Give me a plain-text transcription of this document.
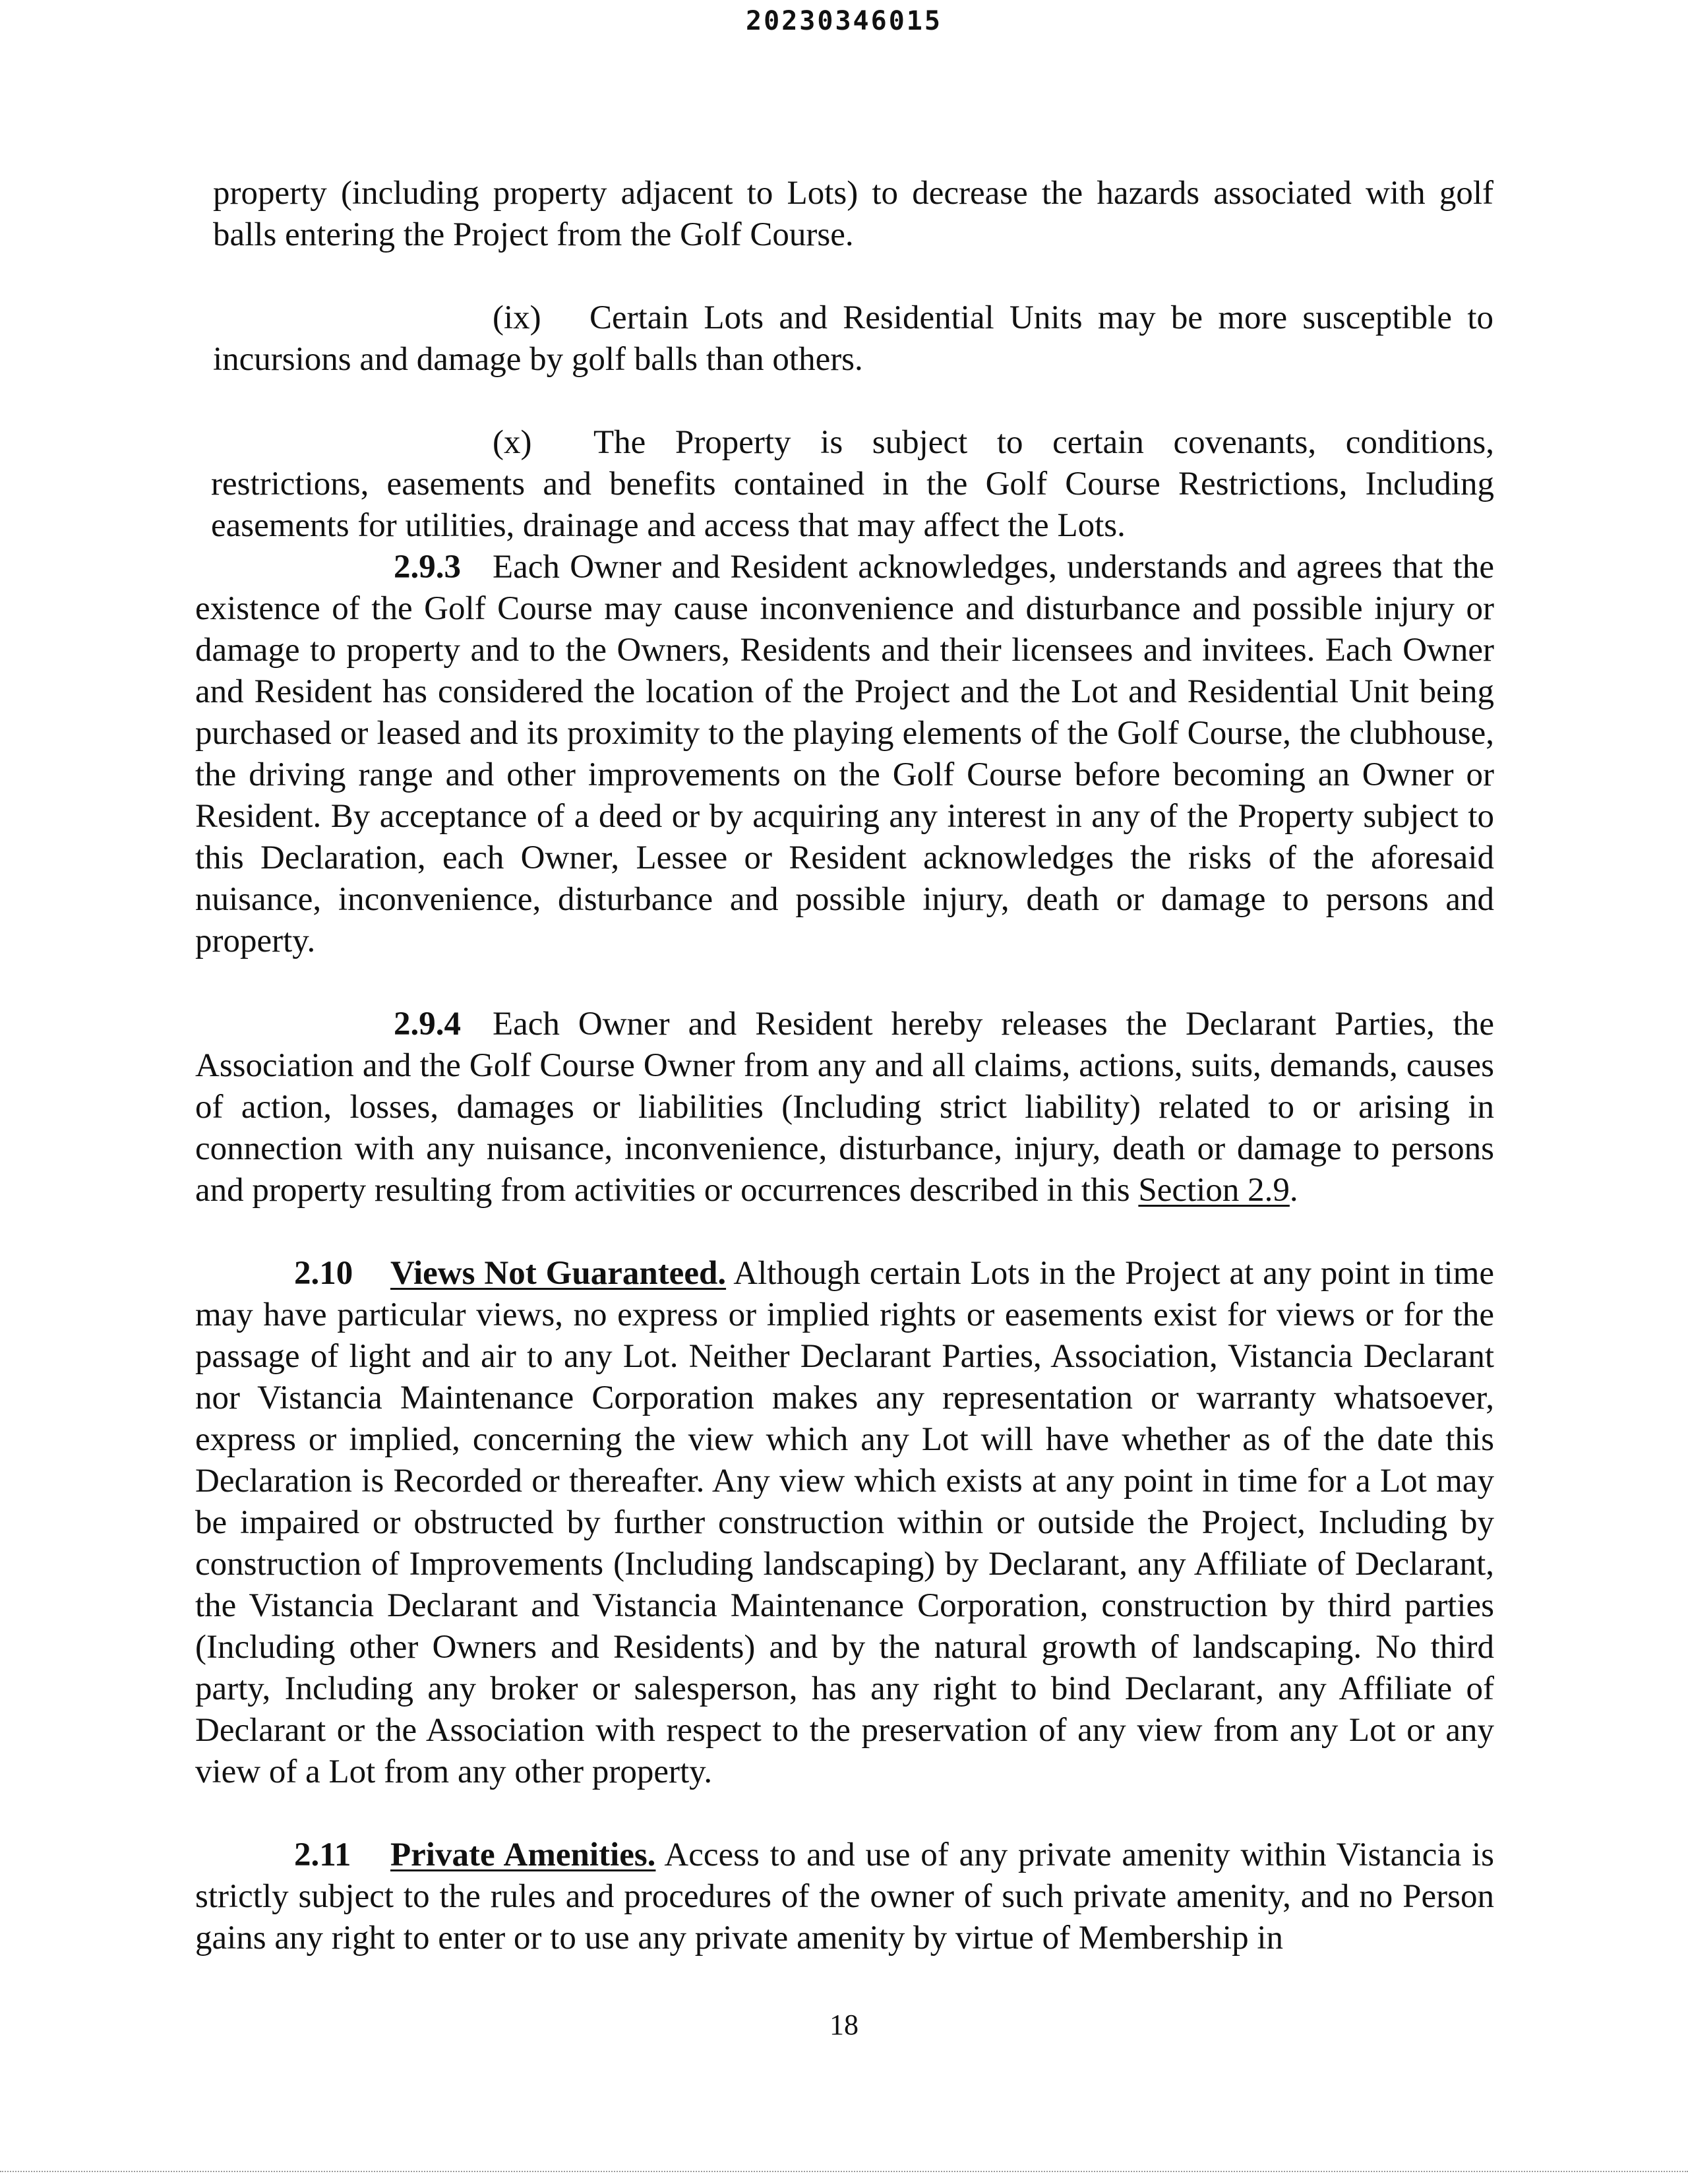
20230346015

property (including property adjacent to Lots) to decrease the hazards associated with golf balls entering the Project from the Golf Course.

(ix) Certain Lots and Residential Units may be more susceptible to incursions and damage by golf balls than others.

(x) The Property is subject to certain covenants, conditions, restrictions, easements and benefits contained in the Golf Course Restrictions, Including easements for utilities, drainage and access that may affect the Lots.

2.9.3 Each Owner and Resident acknowledges, understands and agrees that the existence of the Golf Course may cause inconvenience and disturbance and possible injury or damage to property and to the Owners, Residents and their licensees and invitees. Each Owner and Resident has considered the location of the Project and the Lot and Residential Unit being purchased or leased and its proximity to the playing elements of the Golf Course, the clubhouse, the driving range and other improvements on the Golf Course before becoming an Owner or Resident. By acceptance of a deed or by acquiring any interest in any of the Property subject to this Declaration, each Owner, Lessee or Resident acknowledges the risks of the aforesaid nuisance, inconvenience, disturbance and possible injury, death or damage to persons and property.

2.9.4 Each Owner and Resident hereby releases the Declarant Parties, the Association and the Golf Course Owner from any and all claims, actions, suits, demands, causes of action, losses, damages or liabilities (Including strict liability) related to or arising in connection with any nuisance, inconvenience, disturbance, injury, death or damage to persons and property resulting from activities or occurrences described in this Section 2.9.

2.10 Views Not Guaranteed. Although certain Lots in the Project at any point in time may have particular views, no express or implied rights or easements exist for views or for the passage of light and air to any Lot. Neither Declarant Parties, Association, Vistancia Declarant nor Vistancia Maintenance Corporation makes any representation or warranty whatsoever, express or implied, concerning the view which any Lot will have whether as of the date this Declaration is Recorded or thereafter. Any view which exists at any point in time for a Lot may be impaired or obstructed by further construction within or outside the Project, Including by construction of Improvements (Including landscaping) by Declarant, any Affiliate of Declarant, the Vistancia Declarant and Vistancia Maintenance Corporation, construction by third parties (Including other Owners and Residents) and by the natural growth of landscaping. No third party, Including any broker or salesperson, has any right to bind Declarant, any Affiliate of Declarant or the Association with respect to the preservation of any view from any Lot or any view of a Lot from any other property.

2.11 Private Amenities. Access to and use of any private amenity within Vistancia is strictly subject to the rules and procedures of the owner of such private amenity, and no Person gains any right to enter or to use any private amenity by virtue of Membership in

18
